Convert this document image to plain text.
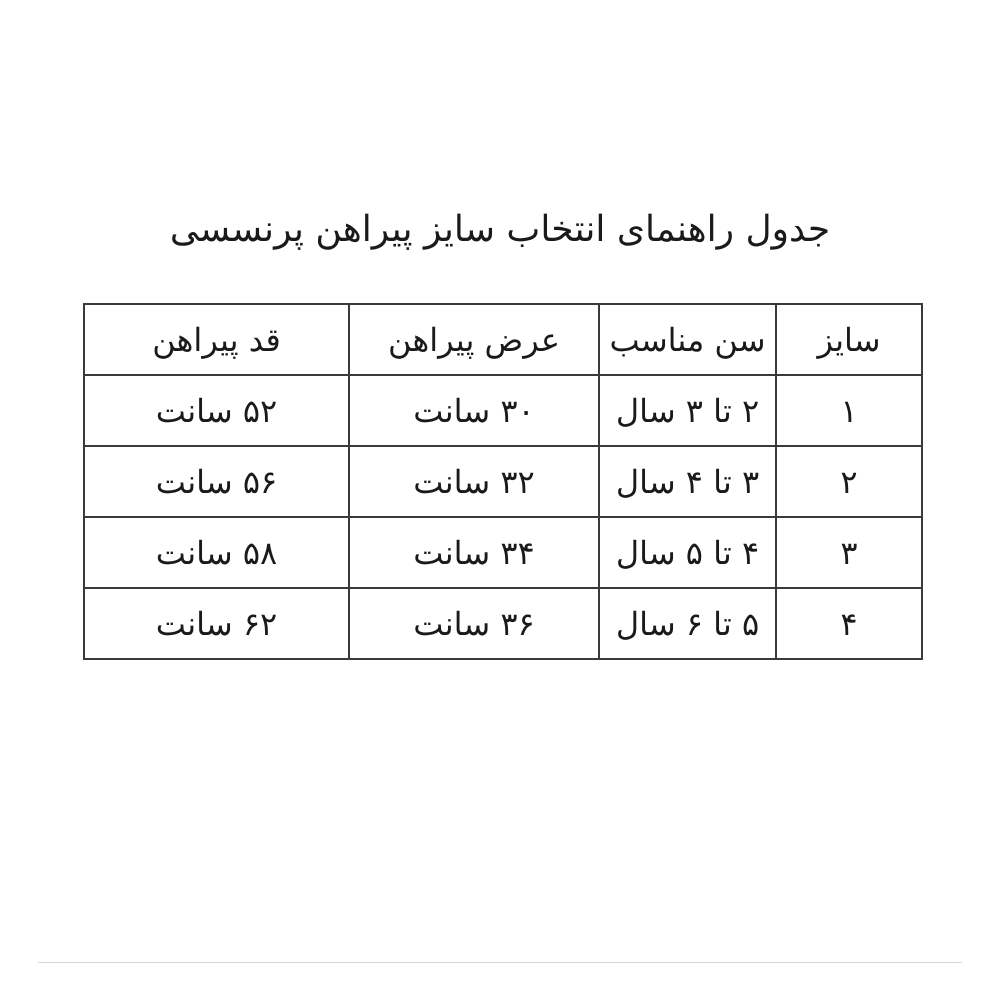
جدول راهنمای انتخاب سایز پیراهن پرنسسی
سایز	سن مناسب	عرض پیراهن	قد پیراهن
۱	۲ تا ۳ سال	۳۰ سانت	۵۲ سانت
۲	۳ تا ۴ سال	۳۲ سانت	۵۶ سانت
۳	۴ تا ۵ سال	۳۴ سانت	۵۸ سانت
۴	۵ تا ۶ سال	۳۶ سانت	۶۲ سانت
